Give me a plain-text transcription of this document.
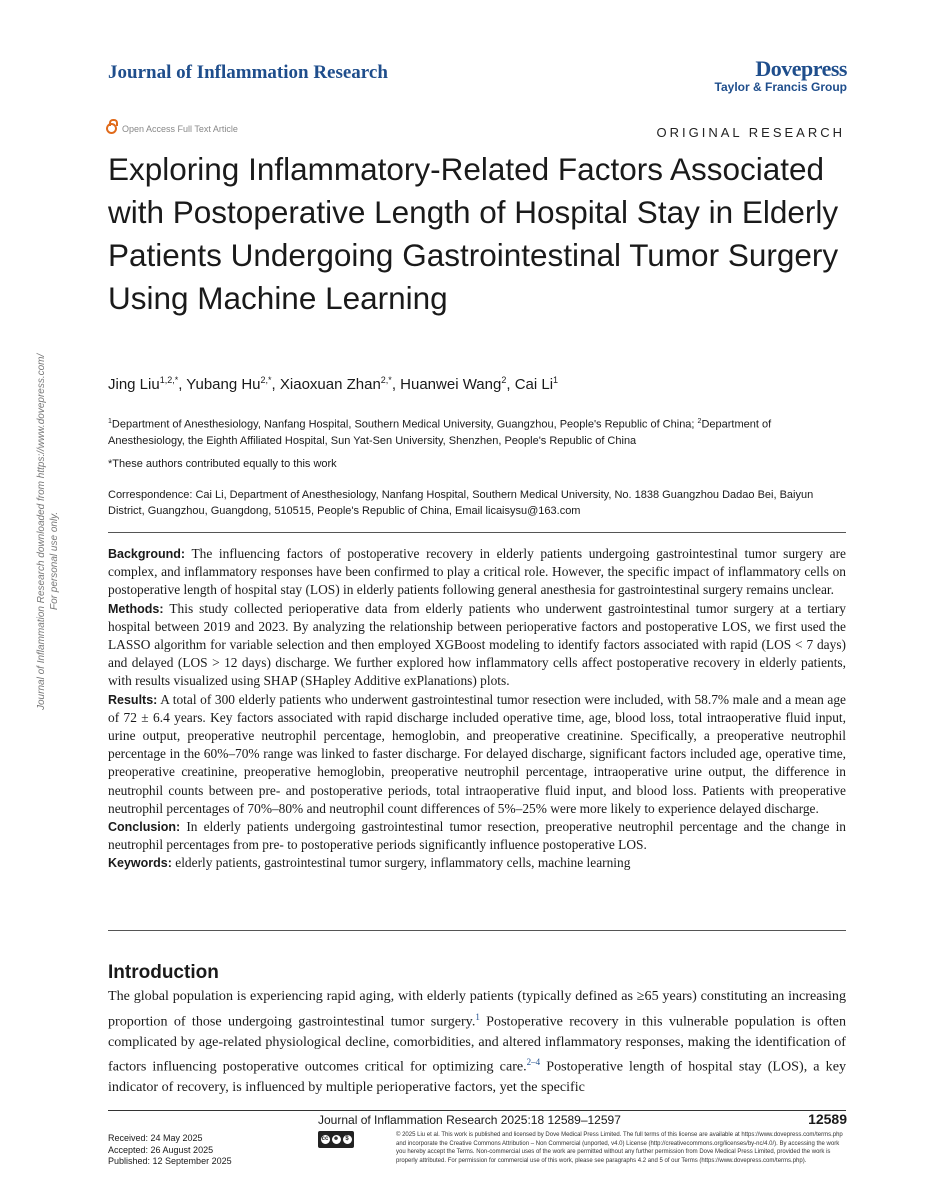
Journal of Inflammation Research	Dovepress
Taylor & Francis Group
Open Access Full Text Article	ORIGINAL RESEARCH
Exploring Inflammatory-Related Factors Associated with Postoperative Length of Hospital Stay in Elderly Patients Undergoing Gastrointestinal Tumor Surgery Using Machine Learning
Jing Liu$^{1,2,*}$, Yubang $Hu^{2,*}$, Xiaoxuan Zhan$^{2,*}$, Huanwei Wang$^2$, Cai Li$^1$
$^1$Department of Anesthesiology, Nanfang Hospital, Southern Medical University, Guangzhou, People's Republic of China; $^2$Department of Anesthesiology, the Eighth Affiliated Hospital, Sun Yat-Sen University, Shenzhen, People's Republic of China
*These authors contributed equally to this work
Correspondence: Cai Li, Department of Anesthesiology, Nanfang Hospital, Southern Medical University, No. 1838 Guangzhou Dadao Bei, Baiyun District, Guangzhou, Guangdong, 510515, People's Republic of China, Email licaisysu@163.com

Background: The influencing factors of postoperative recovery in elderly patients undergoing gastrointestinal tumor surgery are complex, and inflammatory responses have been confirmed to play a critical role. However, the specific impact of inflammatory cells on postoperative length of hospital stay (LOS) in elderly patients following general anesthesia for gastrointestinal surgery remains unclear.

Methods: This study collected perioperative data from elderly patients who underwent gastrointestinal tumor surgery at a tertiary hospital between 2019 and 2023. By analyzing the relationship between perioperative factors and postoperative LOS, we first used the LASSO algorithm for variable selection and then employed XGBoost modeling to identify factors associated with rapid (LOS < 7 days) and delayed (LOS > 12 days) discharge. We further explored how inflammatory cells affect postoperative recovery in elderly patients, with results visualized using SHAP (SHapley Additive exPlanations) plots.

Results: A total of 300 elderly patients who underwent gastrointestinal tumor resection were included, with 58.7% male and a mean age of 72 ± 6.4 years. Key factors associated with rapid discharge included operative time, age, blood loss, total intraoperative fluid input, urine output, preoperative neutrophil percentage, hemoglobin, and preoperative creatinine. Specifically, a preoperative neutrophil percentage in the 60%–70% range was linked to faster discharge. For delayed discharge, significant factors included age, operative time, preoperative creatinine, preoperative hemoglobin, preoperative neutrophil percentage, intraoperative urine output, the difference in neutrophil counts between pre- and postoperative periods, total intraoperative fluid input, and blood loss. Patients with preoperative neutrophil percentages of 70%–80% and neutrophil count differences of 5%–25% were more likely to experience delayed discharge.

Conclusion: In elderly patients undergoing gastrointestinal tumor resection, preoperative neutrophil percentage and the change in neutrophil percentages from pre- to postoperative periods significantly influence postoperative LOS.

Keywords: elderly patients, gastrointestinal tumor surgery, inflammatory cells, machine learning

Introduction
The global population is experiencing rapid aging, with elderly patients (typically defined as ≥65 years) constituting an increasing proportion of those undergoing gastrointestinal tumor surgery.$^1$ Postoperative recovery in this vulnerable population is often complicated by age-related physiological decline, comorbidities, and altered inflammatory responses, making the identification of factors influencing postoperative outcomes critical for optimizing care.$^{2-4}$ Postoperative length of hospital stay (LOS), a key indicator of recovery, is influenced by multiple perioperative factors, yet the specific
Journal of Inflammation Research downloaded from https://www.dovepress.com/ For personal use only.
Journal of Inflammation Research 2025:18 12589–12597	12589
Received: 24 May 2025
Accepted: 26 August 2025
Published: 12 September 2025
cc ☻	$
© 2025 Liu et al. This work is published and licensed by Dove Medical Press Limited. The full terms of this license are available at https://www.dovepress.com/terms.php and incorporate the Creative Commons Attribution – Non Commercial (unported, v4.0) License (http://creativecommons.org/licenses/by-nc/4.0/). By accessing the work you hereby accept the Terms. Non-commercial uses of the work are permitted without any further permission from Dove Medical Press Limited, provided the work is properly attributed. For permission for commercial use of this work, please see paragraphs 4.2 and 5 of our Terms (https://www.dovepress.com/terms.php).
